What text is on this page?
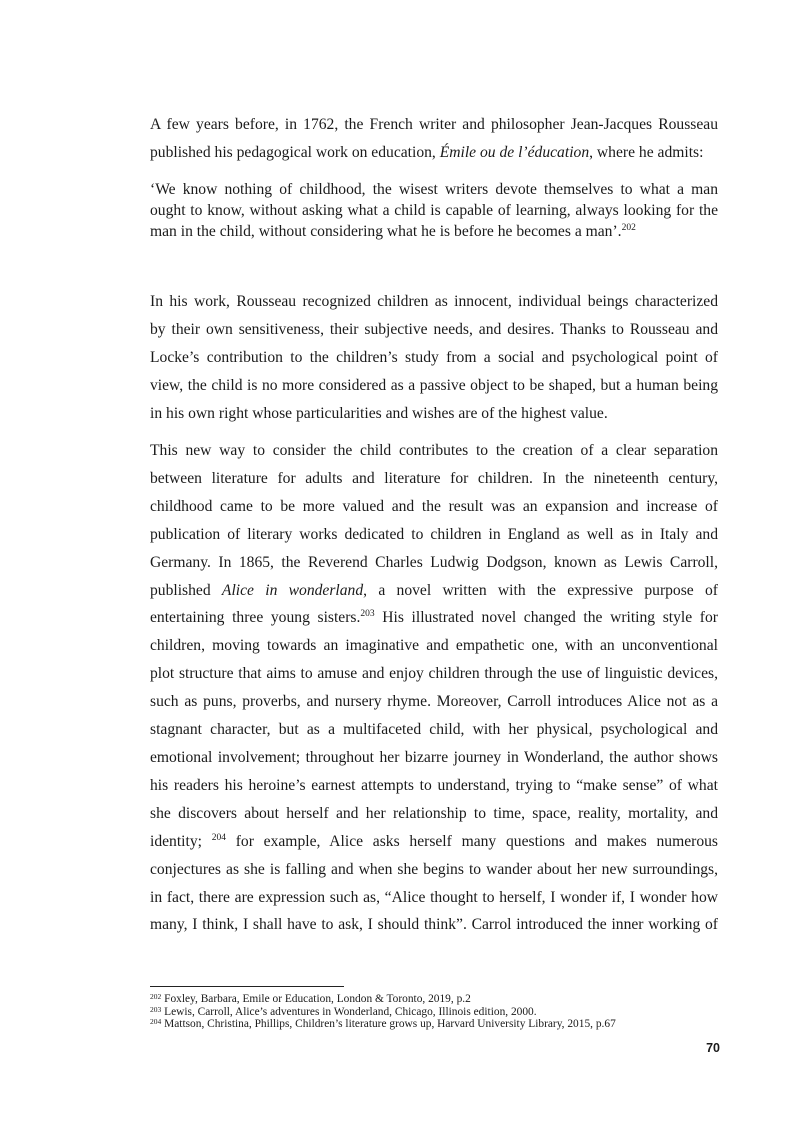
A few years before, in 1762, the French writer and philosopher Jean-Jacques Rousseau
published his pedagogical work on education, Émile ou de l’éducation, where he admits:
‘We know nothing of childhood, the wisest writers devote themselves to what a man
ought to know, without asking what a child is capable of learning, always looking for the
man in the child, without considering what he is before he becomes a man’.$^{202}$
In his work, Rousseau recognized children as innocent, individual beings characterized
by their own sensitiveness, their subjective needs, and desires. Thanks to Rousseau and
Locke’s contribution to the children’s study from a social and psychological point of
view, the child is no more considered as a passive object to be shaped, but a human being
in his own right whose particularities and wishes are of the highest value.
This new way to consider the child contributes to the creation of a clear separation
between literature for adults and literature for children. In the nineteenth century,
childhood came to be more valued and the result was an expansion and increase of
publication of literary works dedicated to children in England as well as in Italy and
Germany. In 1865, the Reverend Charles Ludwig Dodgson, known as Lewis Carroll,
published Alice in wonderland, a novel written with the expressive purpose of
entertaining three young sisters.$^{203}$ His illustrated novel changed the writing style for
children, moving towards an imaginative and empathetic one, with an unconventional
plot structure that aims to amuse and enjoy children through the use of linguistic devices,
such as puns, proverbs, and nursery rhyme. Moreover, Carroll introduces Alice not as a
stagnant character, but as a multifaceted child, with her physical, psychological and
emotional involvement; throughout her bizarre journey in Wonderland, the author shows
his readers his heroine’s earnest attempts to understand, trying to “make sense” of what
she discovers about herself and her relationship to time, space, reality, mortality, and
identity; $^{204}$ for example, Alice asks herself many questions and makes numerous
conjectures as she is falling and when she begins to wander about her new surroundings,
in fact, there are expression such as, “Alice thought to herself, I wonder if, I wonder how
many, I think, I shall have to ask, I should think”. Carrol introduced the inner working of
$^{202}$ Foxley, Barbara, Emile or Education, London & Toronto, 2019, p.2
$^{203}$ Lewis, Carroll, Alice’s adventures in Wonderland, Chicago, Illinois edition, 2000.
$^{204}$ Mattson, Christina, Phillips, Children’s literature grows up, Harvard University Library, 2015, p.67
70
